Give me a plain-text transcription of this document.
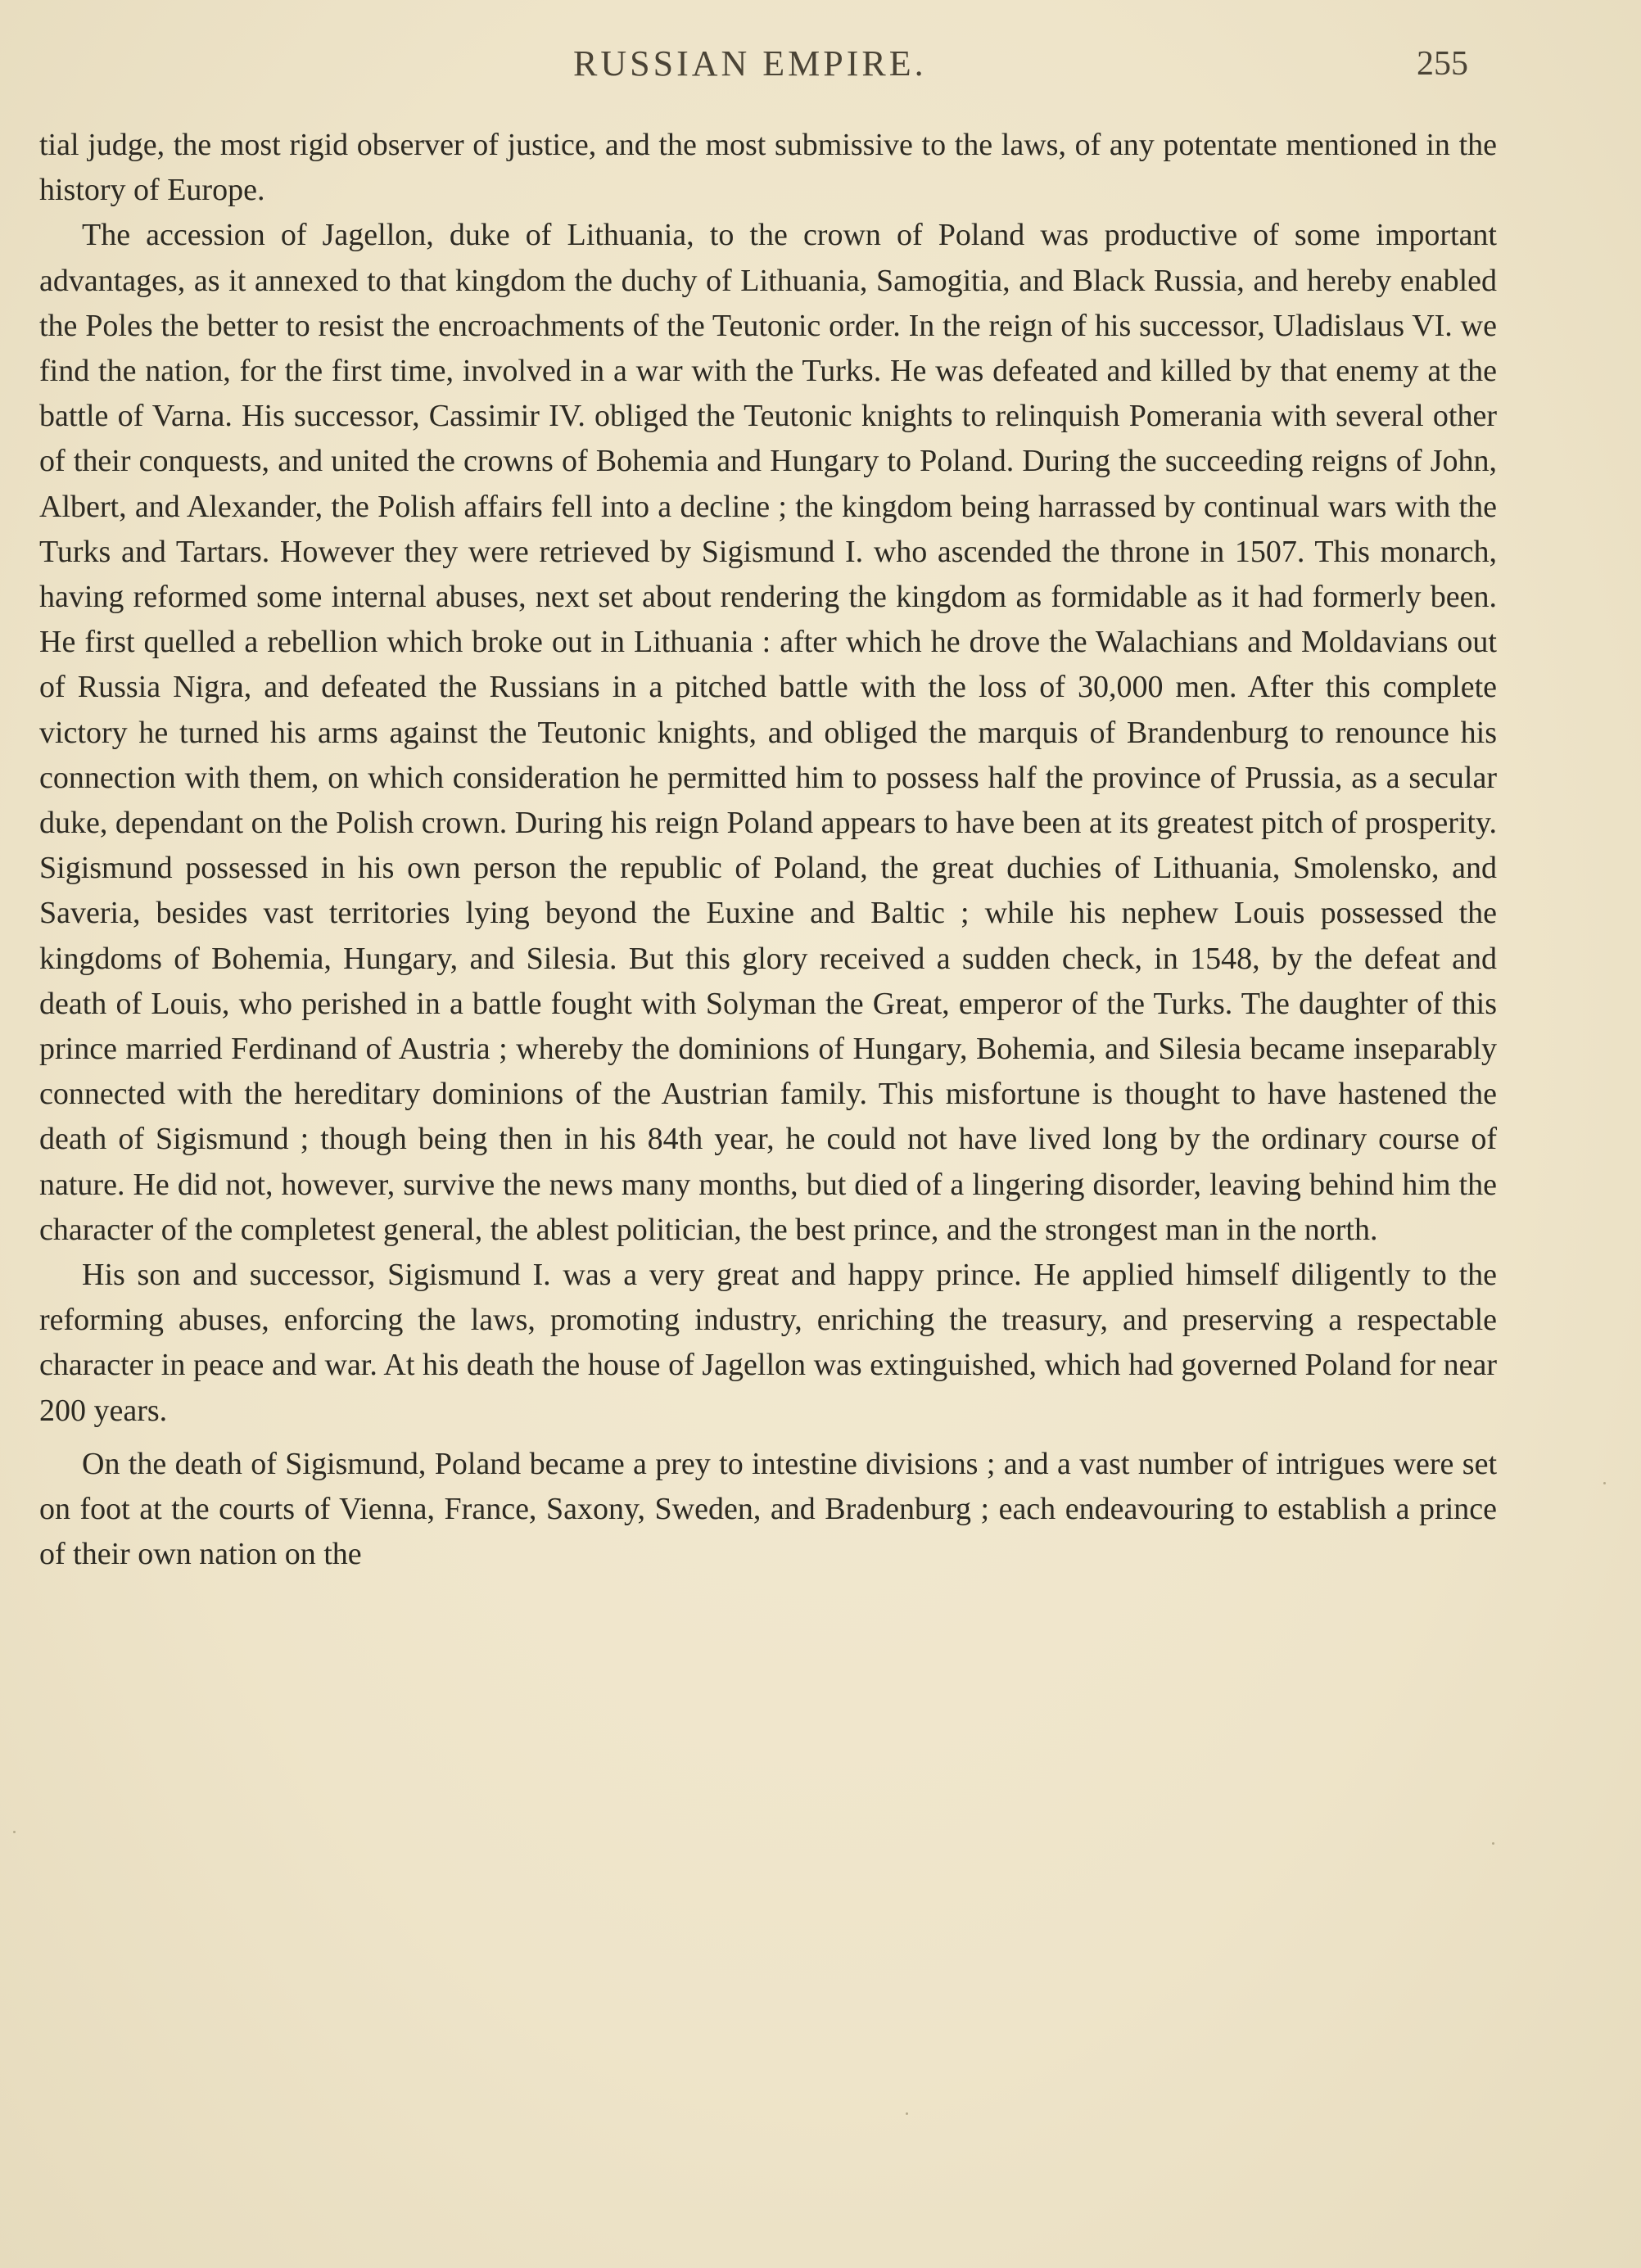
RUSSIAN EMPIRE.	255

tial judge, the most rigid observer of justice, and the most submissive to the laws, of any potentate mentioned in the history of Europe.

The accession of Jagellon, duke of Lithuania, to the crown of Poland was productive of some important advantages, as it annexed to that kingdom the duchy of Lithuania, Samogitia, and Black Russia, and hereby enabled the Poles the better to resist the encroachments of the Teutonic order. In the reign of his successor, Uladislaus VI. we find the nation, for the first time, involved in a war with the Turks. He was defeated and killed by that enemy at the battle of Varna. His successor, Cassimir IV. obliged the Teutonic knights to relinquish Pomerania with several other of their conquests, and united the crowns of Bohemia and Hungary to Poland. During the succeeding reigns of John, Albert, and Alexander, the Polish affairs fell into a decline ; the kingdom being harrassed by continual wars with the Turks and Tartars. However they were retrieved by Sigismund I. who ascended the throne in 1507. This monarch, having reformed some internal abuses, next set about rendering the kingdom as formidable as it had formerly been. He first quelled a rebellion which broke out in Lithuania : after which he drove the Walachians and Moldavians out of Russia Nigra, and defeated the Russians in a pitched battle with the loss of 30,000 men. After this complete victory he turned his arms against the Teutonic knights, and obliged the marquis of Brandenburg to renounce his connection with them, on which consideration he permitted him to possess half the province of Prussia, as a secular duke, dependant on the Polish crown. During his reign Poland appears to have been at its greatest pitch of prosperity. Sigismund possessed in his own person the republic of Poland, the great duchies of Lithuania, Smolensko, and Saveria, besides vast territories lying beyond the Euxine and Baltic ; while his nephew Louis possessed the kingdoms of Bohemia, Hungary, and Silesia. But this glory received a sudden check, in 1548, by the defeat and death of Louis, who perished in a battle fought with Solyman the Great, emperor of the Turks. The daughter of this prince married Ferdinand of Austria ; whereby the dominions of Hungary, Bohemia, and Silesia became inseparably connected with the hereditary dominions of the Austrian family. This misfortune is thought to have hastened the death of Sigismund ; though being then in his 84th year, he could not have lived long by the ordinary course of nature. He did not, however, survive the news many months, but died of a lingering disorder, leaving behind him the character of the completest general, the ablest politician, the best prince, and the strongest man in the north.

His son and successor, Sigismund I. was a very great and happy prince. He applied himself diligently to the reforming abuses, enforcing the laws, promoting industry, enriching the treasury, and preserving a respectable character in peace and war. At his death the house of Jagellon was extinguished, which had governed Poland for near 200 years.

On the death of Sigismund, Poland became a prey to intestine divisions ; and a vast number of intrigues were set on foot at the courts of Vienna, France, Saxony, Sweden, and Bradenburg ; each endeavouring to establish a prince of their own nation on the
